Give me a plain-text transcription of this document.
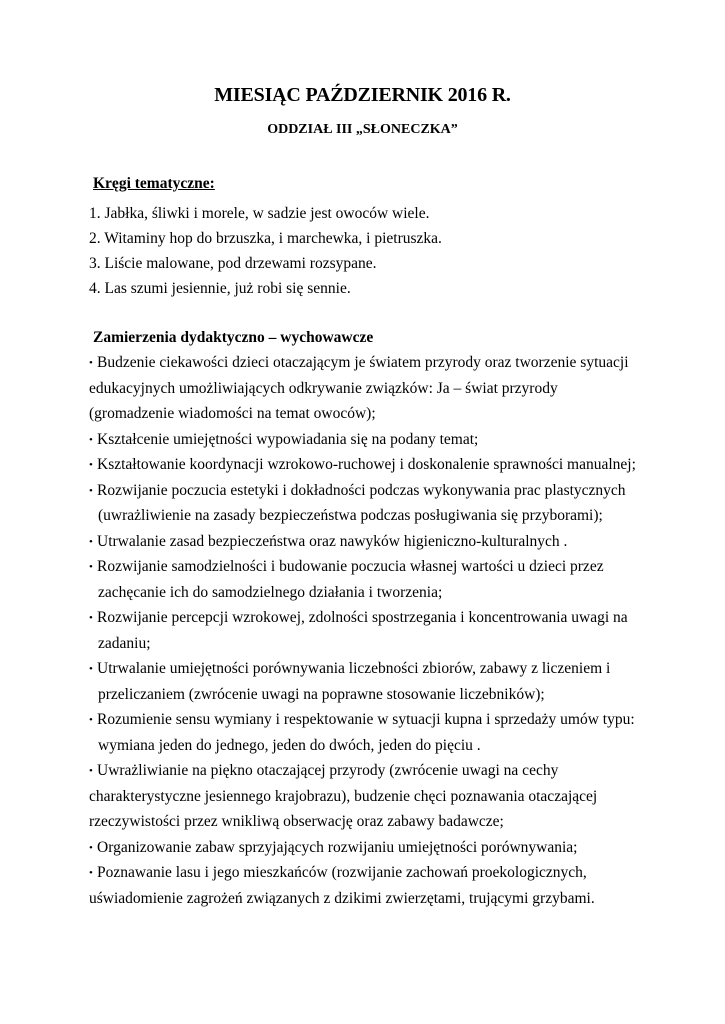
MIESIĄC PAŹDZIERNIK 2016 R.
ODDZIAŁ III „SŁONECZKA”
Kręgi tematyczne:
1. Jabłka, śliwki i morele, w sadzie jest owoców wiele.
2. Witaminy hop do brzuszka, i marchewka, i pietruszka.
3. Liście malowane, pod drzewami rozsypane.
4. Las szumi jesiennie, już robi się sennie.
Zamierzenia dydaktyczno – wychowawcze
• Budzenie ciekawości dzieci otaczającym je światem przyrody oraz tworzenie sytuacji
edukacyjnych umożliwiających odkrywanie związków: Ja – świat przyrody
(gromadzenie wiadomości na temat owoców);
• Kształcenie umiejętności wypowiadania się na podany temat;
• Kształtowanie koordynacji wzrokowo-ruchowej i doskonalenie sprawności manualnej;
• Rozwijanie poczucia estetyki i dokładności podczas wykonywania prac plastycznych
(uwrażliwienie na zasady bezpieczeństwa podczas posługiwania się przyborami);
• Utrwalanie zasad bezpieczeństwa oraz nawyków higieniczno-kulturalnych .
• Rozwijanie samodzielności i budowanie poczucia własnej wartości u dzieci przez
zachęcanie ich do samodzielnego działania i tworzenia;
• Rozwijanie percepcji wzrokowej, zdolności spostrzegania i koncentrowania uwagi na
zadaniu;
• Utrwalanie umiejętności porównywania liczebności zbiorów, zabawy z liczeniem i
przeliczaniem (zwrócenie uwagi na poprawne stosowanie liczebników);
• Rozumienie sensu wymiany i respektowanie w sytuacji kupna i sprzedaży umów typu:
wymiana jeden do jednego, jeden do dwóch, jeden do pięciu .
• Uwrażliwianie na piękno otaczającej przyrody (zwrócenie uwagi na cechy
charakterystyczne jesiennego krajobrazu), budzenie chęci poznawania otaczającej
rzeczywistości przez wnikliwą obserwację oraz zabawy badawcze;
• Organizowanie zabaw sprzyjających rozwijaniu umiejętności porównywania;
• Poznawanie lasu i jego mieszkańców (rozwijanie zachowań proekologicznych,
uświadomienie zagrożeń związanych z dzikimi zwierzętami, trującymi grzybami.
